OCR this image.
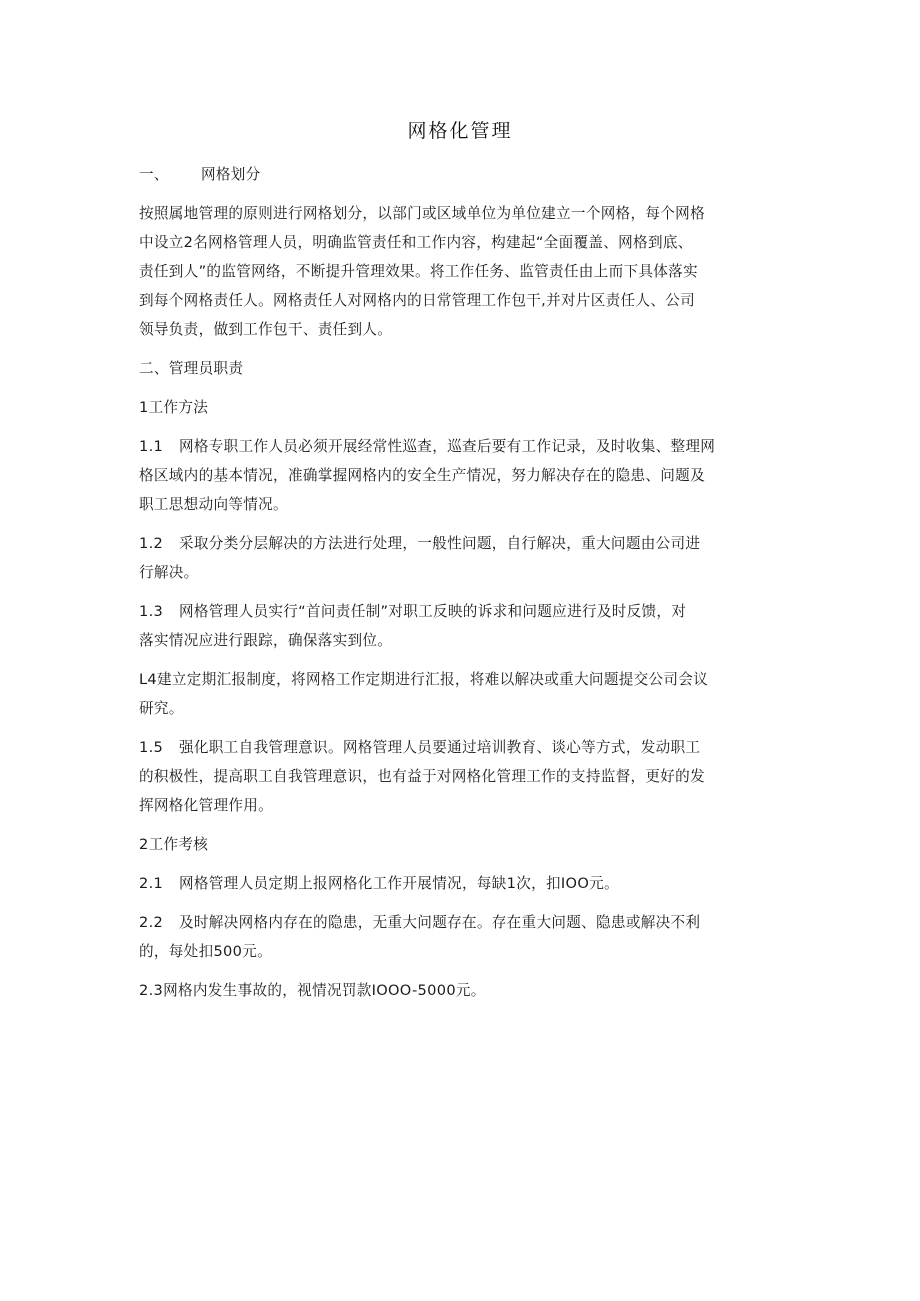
网格化管理
一、	网格划分
按照属地管理的原则进行网格划分，以部门或区域单位为单位建立一个网格，每个网格
中设立2名网格管理人员，明确监管责任和工作内容，构建起“全面覆盖、网格到底、
责任到人”的监管网络，不断提升管理效果。将工作任务、监管责任由上而下具体落实
到每个网格责任人。网格责任人对网格内的日常管理工作包干,并对片区责任人、公司
领导负责，做到工作包干、责任到人。
二、管理员职责
1工作方法
1.1	网格专职工作人员必须开展经常性巡查，巡查后要有工作记录，及时收集、整理网
格区域内的基本情况，准确掌握网格内的安全生产情况，努力解决存在的隐患、问题及
职工思想动向等情况。
1.2	采取分类分层解决的方法进行处理，一般性问题，自行解决，重大问题由公司进
行解决。
1.3	网格管理人员实行“首问责任制”对职工反映的诉求和问题应进行及时反馈，对
落实情况应进行跟踪，确保落实到位。
L4建立定期汇报制度，将网格工作定期进行汇报，将难以解决或重大问题提交公司会议
研究。
1.5	强化职工自我管理意识。网格管理人员要通过培训教育、谈心等方式，发动职工
的积极性，提高职工自我管理意识，也有益于对网格化管理工作的支持监督，更好的发
挥网格化管理作用。
2工作考核
2.1	网格管理人员定期上报网格化工作开展情况，每缺1次，扣IOO元。
2.2	及时解决网格内存在的隐患，无重大问题存在。存在重大问题、隐患或解决不利
的，每处扣500元。
2.3网格内发生事故的，视情况罚款IOOO-5000元。
